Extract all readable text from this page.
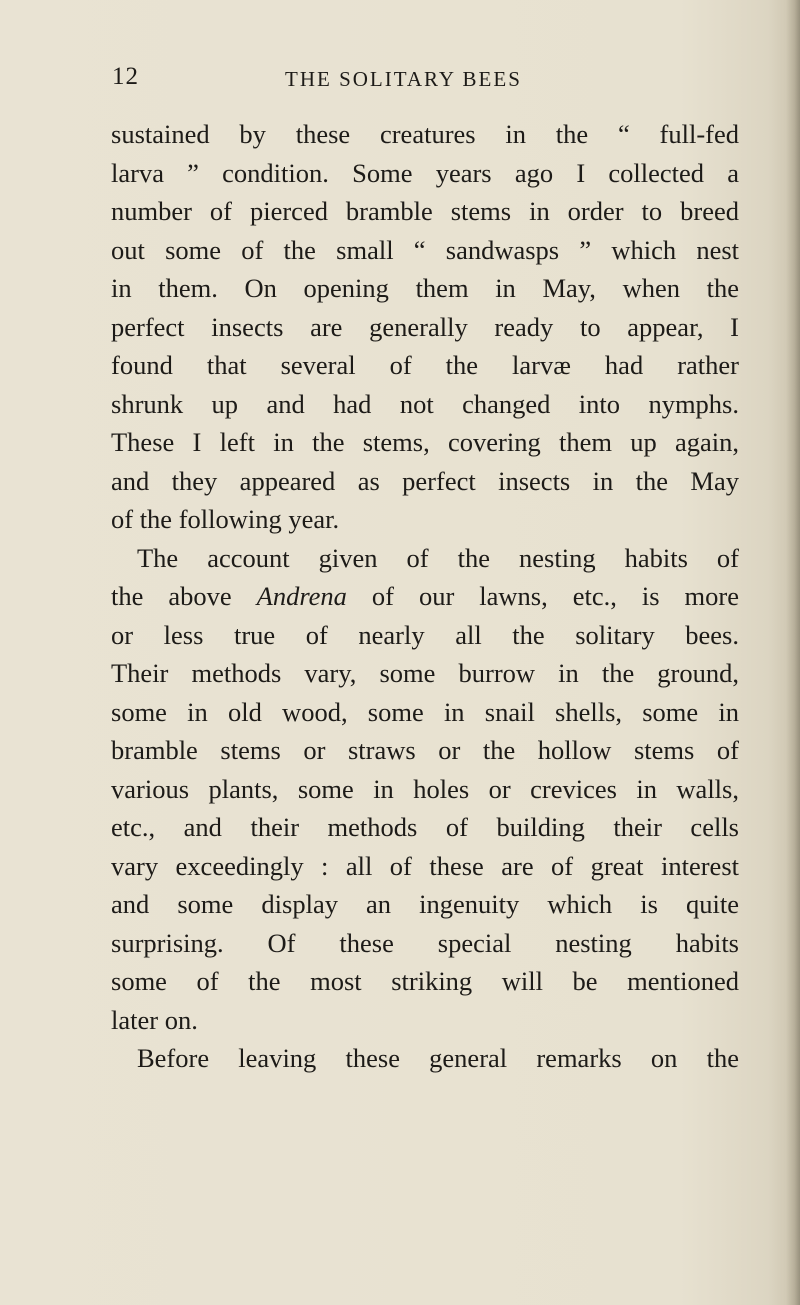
12	THE SOLITARY BEES
sustained by these creatures in the “ full-fed
larva ” condition. Some years ago I collected a
number of pierced bramble stems in order to breed
out some of the small “ sandwasps ” which nest
in them. On opening them in May, when the
perfect insects are generally ready to appear, I
found that several of the larvæ had rather
shrunk up and had not changed into nymphs.
These I left in the stems, covering them up again,
and they appeared as perfect insects in the May
of the following year.
The account given of the nesting habits of
the above Andrena of our lawns, etc., is more
or less true of nearly all the solitary bees.
Their methods vary, some burrow in the ground,
some in old wood, some in snail shells, some in
bramble stems or straws or the hollow stems of
various plants, some in holes or crevices in walls,
etc., and their methods of building their cells
vary exceedingly : all of these are of great interest
and some display an ingenuity which is quite
surprising. Of these special nesting habits
some of the most striking will be mentioned
later on.
Before leaving these general remarks on the
